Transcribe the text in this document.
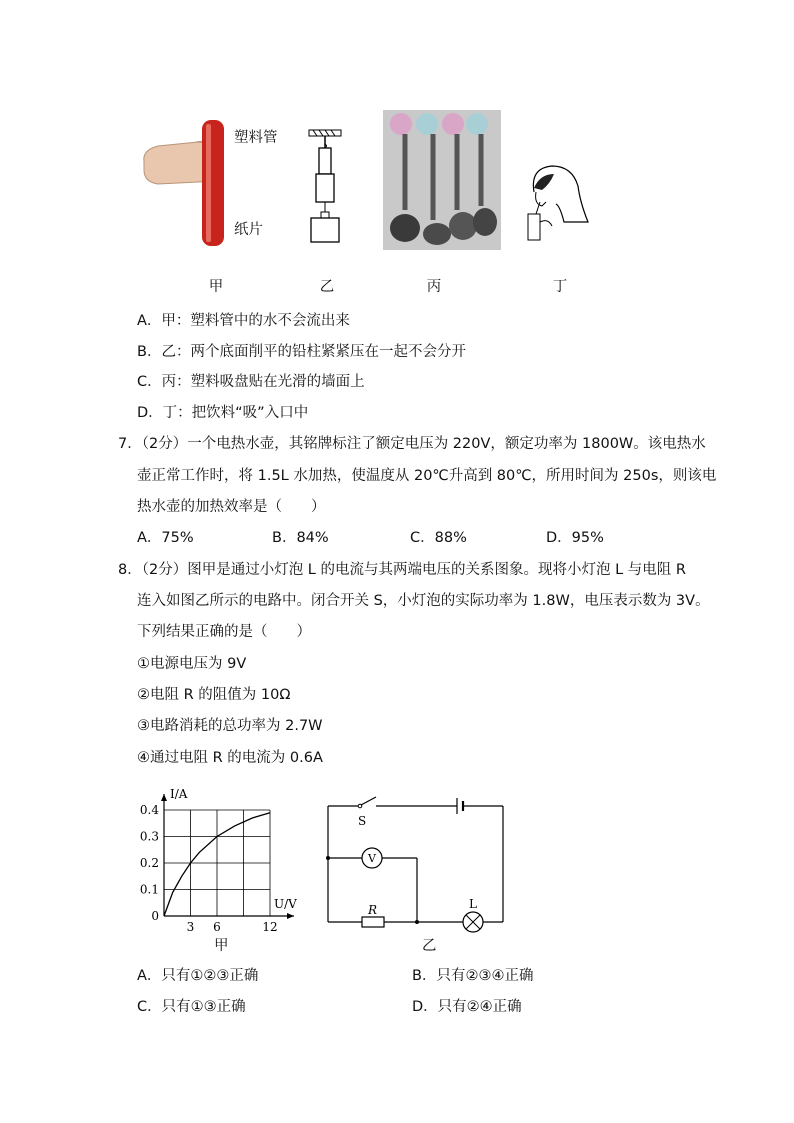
塑料管
纸片
甲	乙	丙	丁
A．甲：塑料管中的水不会流出来
B．乙：两个底面削平的铅柱紧紧压在一起不会分开
C．丙：塑料吸盘贴在光滑的墙面上
D．丁：把饮料“吸”入口中
7．（2分）一个电热水壶，其铭牌标注了额定电压为 220V，额定功率为 1800W。该电热水
壶正常工作时，将 1.5L 水加热，使温度从 20℃升高到 80℃，所用时间为 250s，则该电
热水壶的加热效率是（　　）
A．75%	B．84%	C．88%	D．95%
8．（2分）图甲是通过小灯泡 L 的电流与其两端电压的关系图象。现将小灯泡 L 与电阻 R
连入如图乙所示的电路中。闭合开关 S，小灯泡的实际功率为 1.8W，电压表示数为 3V。
下列结果正确的是（　　）
①电源电压为 9V
②电阻 R 的阻值为 10Ω
③电路消耗的总功率为 2.7W
④通过电阻 R 的电流为 0.6A
I/A
U/V
3 6	12
0
0.1
0.2
0.3
0.4
甲
S
V
R	L
乙
A．只有①②③正确	B．只有②③④正确
C．只有①③正确	D．只有②④正确
